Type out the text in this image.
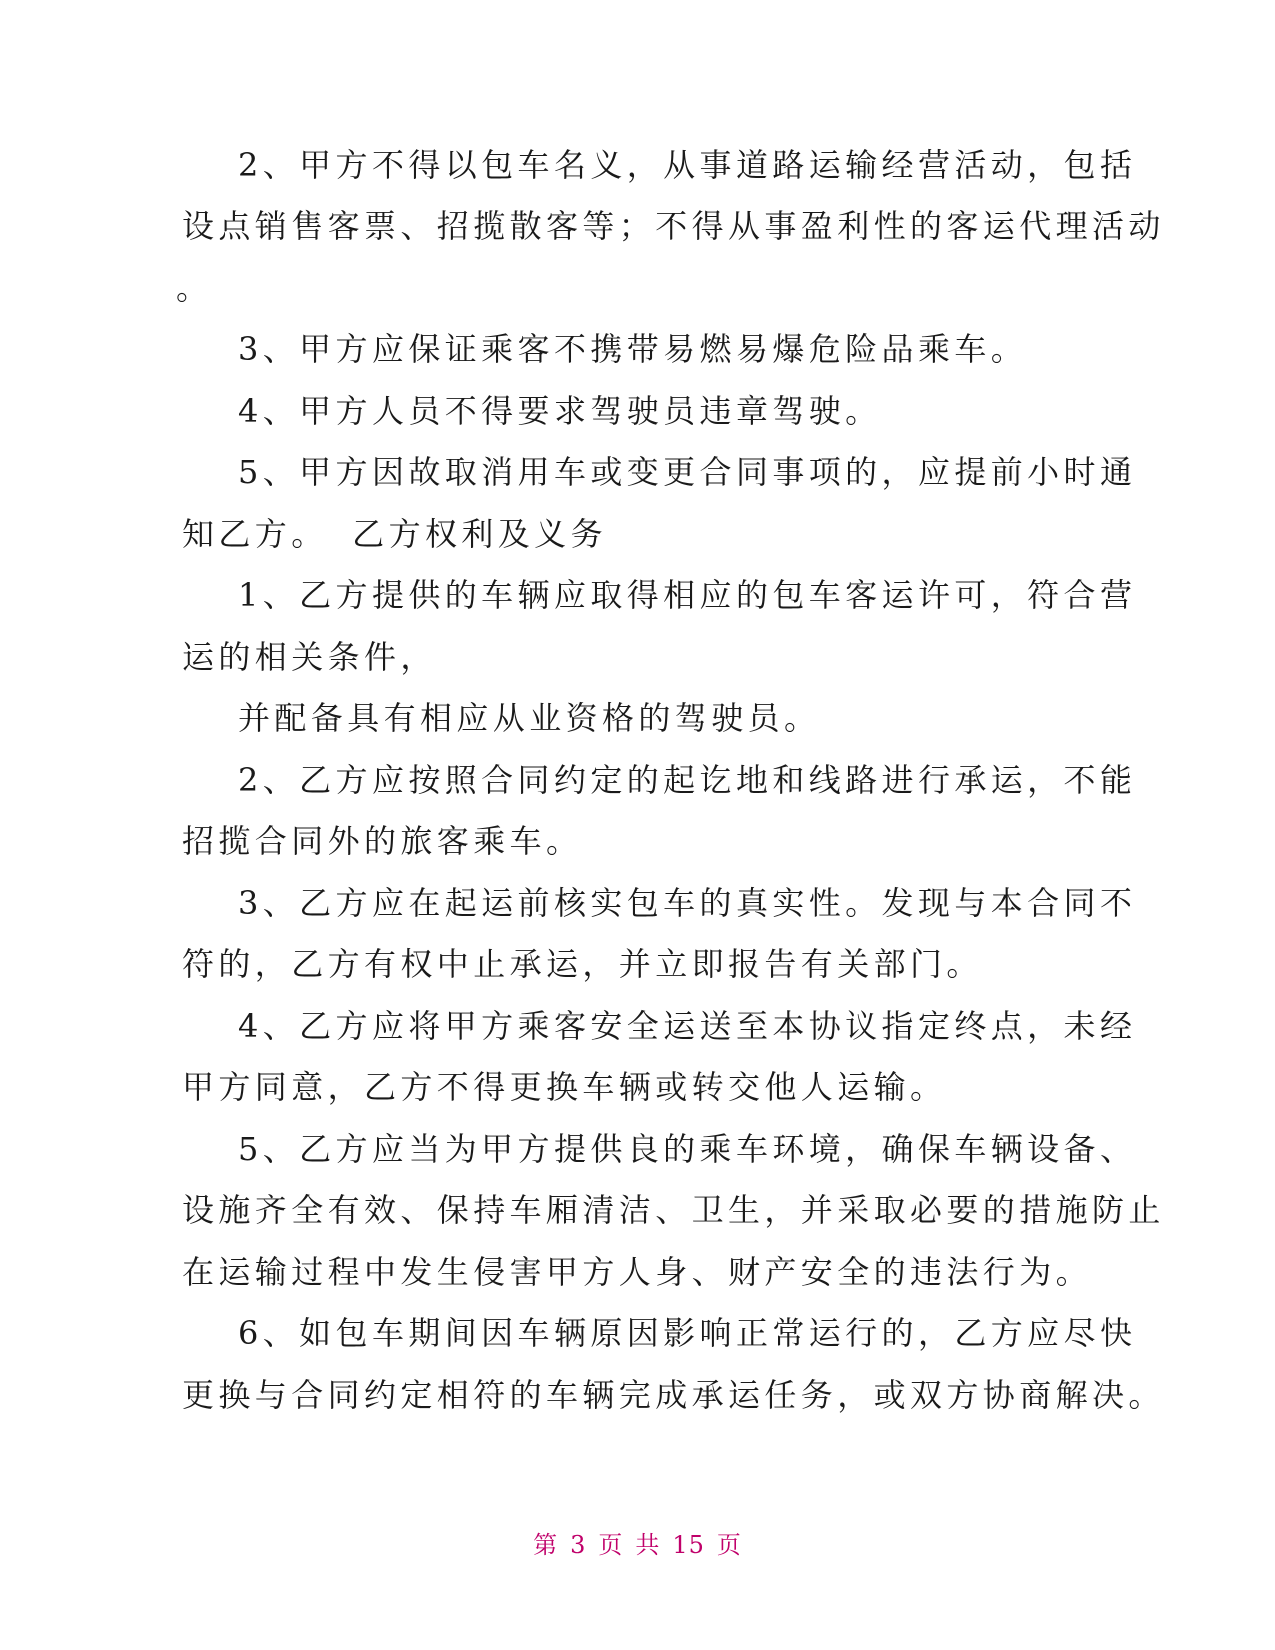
2、甲方不得以包车名义，从事道路运输经营活动，包括
设点销售客票、招揽散客等；不得从事盈利性的客运代理活动
。
3、甲方应保证乘客不携带易燃易爆危险品乘车。
4、甲方人员不得要求驾驶员违章驾驶。
5、甲方因故取消用车或变更合同事项的，应提前小时通
知乙方。 乙方权利及义务
1、乙方提供的车辆应取得相应的包车客运许可，符合营
运的相关条件，
并配备具有相应从业资格的驾驶员。
2、乙方应按照合同约定的起讫地和线路进行承运，不能
招揽合同外的旅客乘车。
3、乙方应在起运前核实包车的真实性。发现与本合同不
符的，乙方有权中止承运，并立即报告有关部门。
4、乙方应将甲方乘客安全运送至本协议指定终点，未经
甲方同意，乙方不得更换车辆或转交他人运输。
5、乙方应当为甲方提供良的乘车环境，确保车辆设备、
设施齐全有效、保持车厢清洁、卫生，并采取必要的措施防止
在运输过程中发生侵害甲方人身、财产安全的违法行为。
6、如包车期间因车辆原因影响正常运行的，乙方应尽快
更换与合同约定相符的车辆完成承运任务，或双方协商解决。
第 3 页 共 15 页
